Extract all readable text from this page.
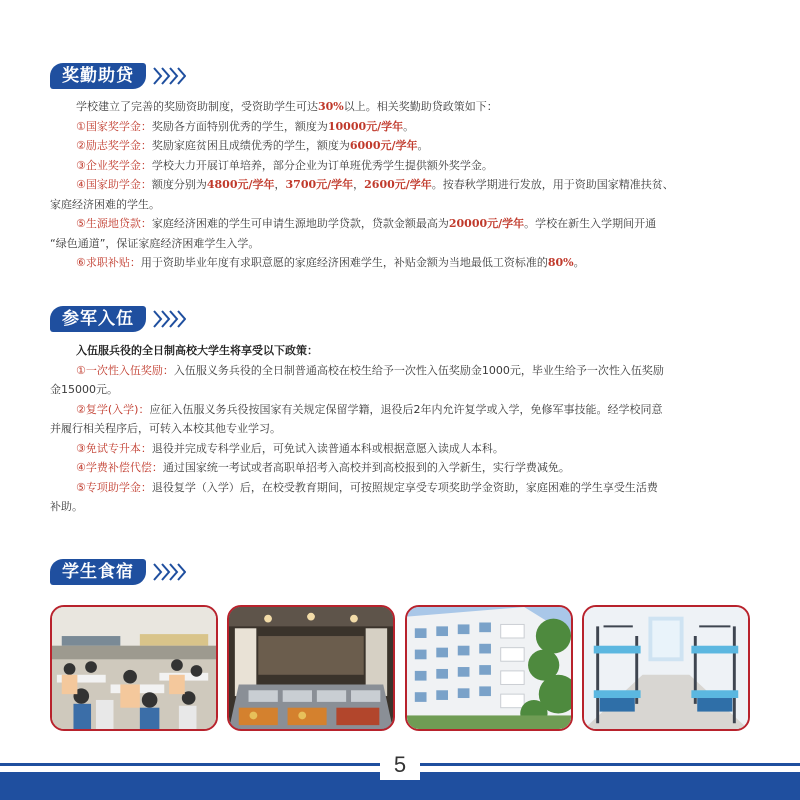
奖勤助贷
学校建立了完善的奖励资助制度，受资助学生可达30%以上。相关奖勤助贷政策如下：
①国家奖学金：奖励各方面特别优秀的学生，额度为10000元/学年。
②励志奖学金：奖励家庭贫困且成绩优秀的学生，额度为6000元/学年。
③企业奖学金：学校大力开展订单培养，部分企业为订单班优秀学生提供额外奖学金。
④国家助学金：额度分别为4800元/学年，3700元/学年，2600元/学年。按春秋学期进行发放，用于资助国家精准扶贫、
家庭经济困难的学生。
⑤生源地贷款：家庭经济困难的学生可申请生源地助学贷款，贷款金额最高为20000元/学年。学校在新生入学期间开通
“绿色通道”，保证家庭经济困难学生入学。
⑥求职补贴：用于资助毕业年度有求职意愿的家庭经济困难学生，补贴金额为当地最低工资标准的80%。
参军入伍
入伍服兵役的全日制高校大学生将享受以下政策：
①一次性入伍奖励：入伍服义务兵役的全日制普通高校在校生给予一次性入伍奖励金1000元，毕业生给予一次性入伍奖励
金15000元。
②复学(入学)：应征入伍服义务兵役按国家有关规定保留学籍，退役后2年内允许复学或入学，免修军事技能。经学校同意
并履行相关程序后，可转入本校其他专业学习。
③免试专升本：退役并完成专科学业后，可免试入读普通本科或根据意愿入读成人本科。
④学费补偿代偿：通过国家统一考试或者高职单招考入高校并到高校报到的入学新生，实行学费减免。
⑤专项助学金：退役复学（入学）后，在校受教育期间，可按照规定享受专项奖助学金资助，家庭困难的学生享受生活费
补助。
学生食宿
5
